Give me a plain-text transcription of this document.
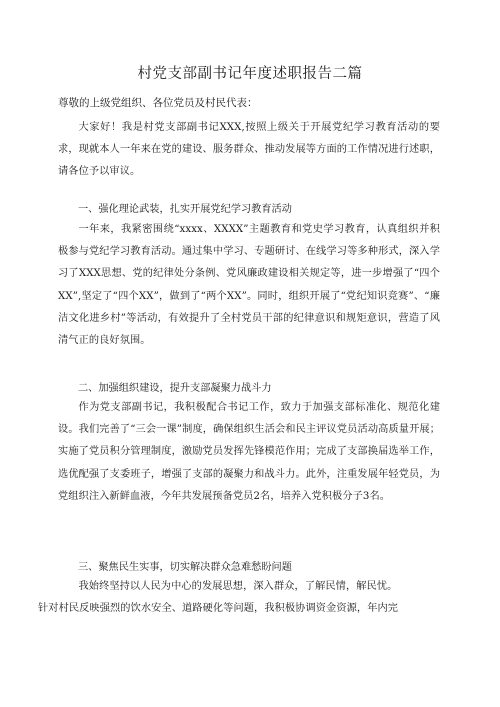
村党支部副书记年度述职报告二篇
尊敬的上级党组织、各位党员及村民代表：

大家好！我是村党支部副书记XXX,按照上级关于开展党纪学习教育活动的要求，现就本人一年来在党的建设、服务群众、推动发展等方面的工作情况进行述职，请各位予以审议。

一、强化理论武装，扎实开展党纪学习教育活动

一年来，我紧密围绕“xxxx、XXXX”主题教育和党史学习教育，认真组织并积极参与党纪学习教育活动。通过集中学习、专题研讨、在线学习等多种形式，深入学习了XXX思想、党的纪律处分条例、党风廉政建设相关规定等，进一步增强了“四个XX”,坚定了“四个XX”，做到了“两个XX”。同时，组织开展了“党纪知识竞赛”、“廉洁文化进乡村”等活动，有效提升了全村党员干部的纪律意识和规矩意识，营造了风清气正的良好氛围。

二、加强组织建设，提升支部凝聚力战斗力

作为党支部副书记，我积极配合书记工作，致力于加强支部标准化、规范化建设。我们完善了“三会一课”制度，确保组织生活会和民主评议党员活动高质量开展；实施了党员积分管理制度，激励党员发挥先锋模范作用；完成了支部换届选举工作，选优配强了支委班子，增强了支部的凝聚力和战斗力。此外，注重发展年轻党员，为党组织注入新鲜血液，今年共发展预备党员2名，培养入党积极分子3名。

三、聚焦民生实事，切实解决群众急难愁盼问题

我始终坚持以人民为中心的发展思想，深入群众，了解民情，解民忧。
针对村民反映强烈的饮水安全、道路硬化等问题，我积极协调资金资源，年内完
